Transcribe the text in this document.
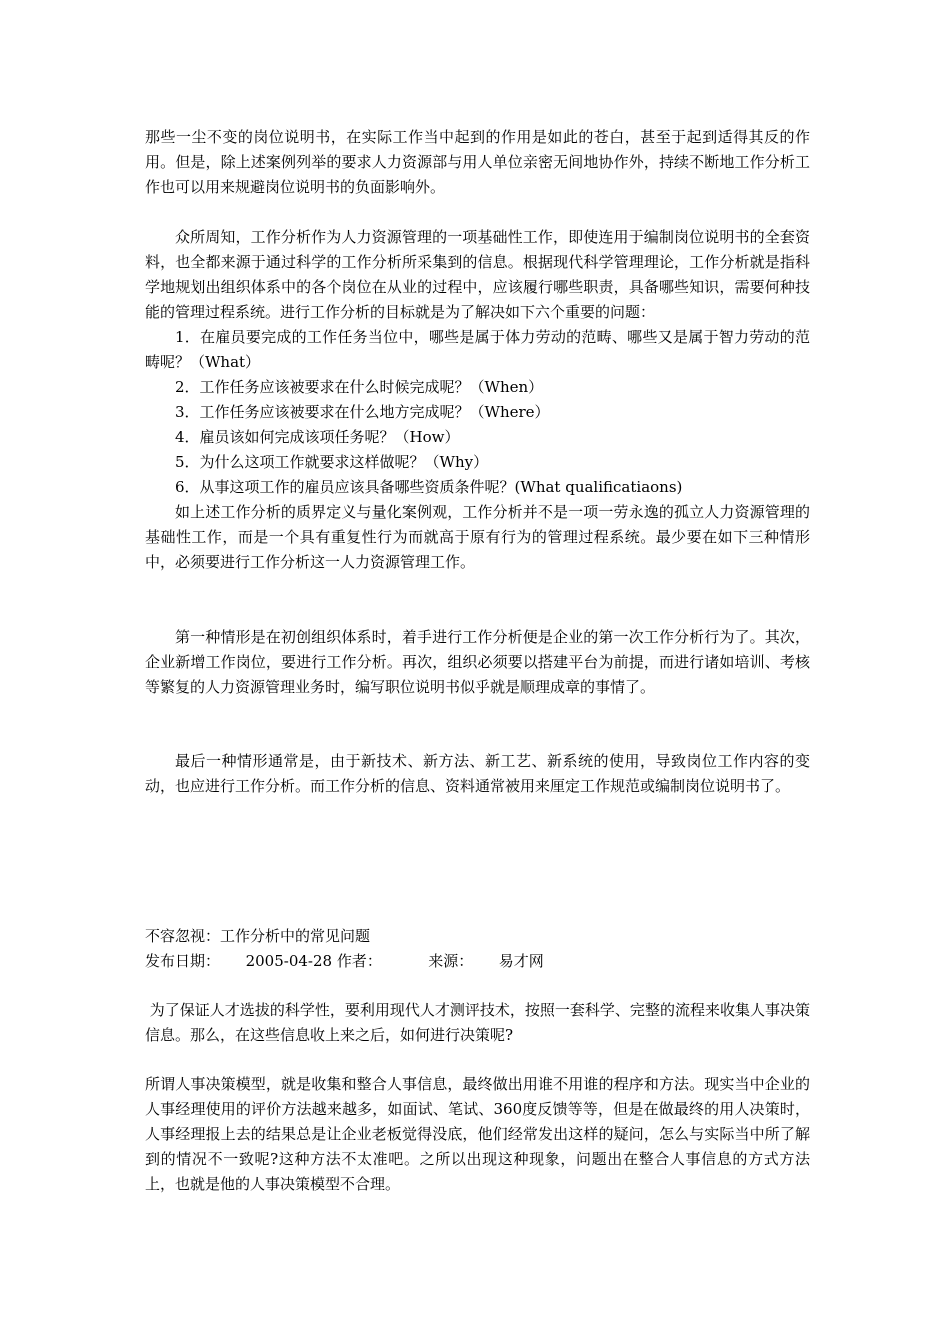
那些一尘不变的岗位说明书，在实际工作当中起到的作用是如此的苍白，甚至于起到适得其反的作用。但是，除上述案例列举的要求人力资源部与用人单位亲密无间地协作外，持续不断地工作分析工作也可以用来规避岗位说明书的负面影响外。

众所周知，工作分析作为人力资源管理的一项基础性工作，即使连用于编制岗位说明书的全套资料，也全都来源于通过科学的工作分析所采集到的信息。根据现代科学管理理论，工作分析就是指科学地规划出组织体系中的各个岗位在从业的过程中，应该履行哪些职责，具备哪些知识，需要何种技能的管理过程系统。进行工作分析的目标就是为了解决如下六个重要的问题：

1．在雇员要完成的工作任务当位中，哪些是属于体力劳动的范畴、哪些又是属于智力劳动的范畴呢？（What）

2．工作任务应该被要求在什么时候完成呢？（When）

3．工作任务应该被要求在什么地方完成呢？（Where）

4．雇员该如何完成该项任务呢？（How）

5．为什么这项工作就要求这样做呢？（Why）

6．从事这项工作的雇员应该具备哪些资质条件呢？(What qualificatiaons)

如上述工作分析的质界定义与量化案例观，工作分析并不是一项一劳永逸的孤立人力资源管理的基础性工作，而是一个具有重复性行为而就高于原有行为的管理过程系统。最少要在如下三种情形中，必须要进行工作分析这一人力资源管理工作。

第一种情形是在初创组织体系时，着手进行工作分析便是企业的第一次工作分析行为了。其次，企业新增工作岗位，要进行工作分析。再次，组织必须要以搭建平台为前提，而进行诸如培训、考核等繁复的人力资源管理业务时，编写职位说明书似乎就是顺理成章的事情了。

最后一种情形通常是，由于新技术、新方法、新工艺、新系统的使用，导致岗位工作内容的变动，也应进行工作分析。而工作分析的信息、资料通常被用来厘定工作规范或编制岗位说明书了。

不容忽视：工作分析中的常见问题

发布日期： 2005-04-28 作者：	来源： 易才网

为了保证人才选拔的科学性，要利用现代人才测评技术，按照一套科学、完整的流程来收集人事决策信息。那么，在这些信息收上来之后，如何进行决策呢?

所谓人事决策模型，就是收集和整合人事信息，最终做出用谁不用谁的程序和方法。现实当中企业的人事经理使用的评价方法越来越多，如面试、笔试、360度反馈等等，但是在做最终的用人决策时，人事经理报上去的结果总是让企业老板觉得没底，他们经常发出这样的疑问，怎么与实际当中所了解到的情况不一致呢?这种方法不太准吧。之所以出现这种现象，问题出在整合人事信息的方式方法上，也就是他的人事决策模型不合理。
